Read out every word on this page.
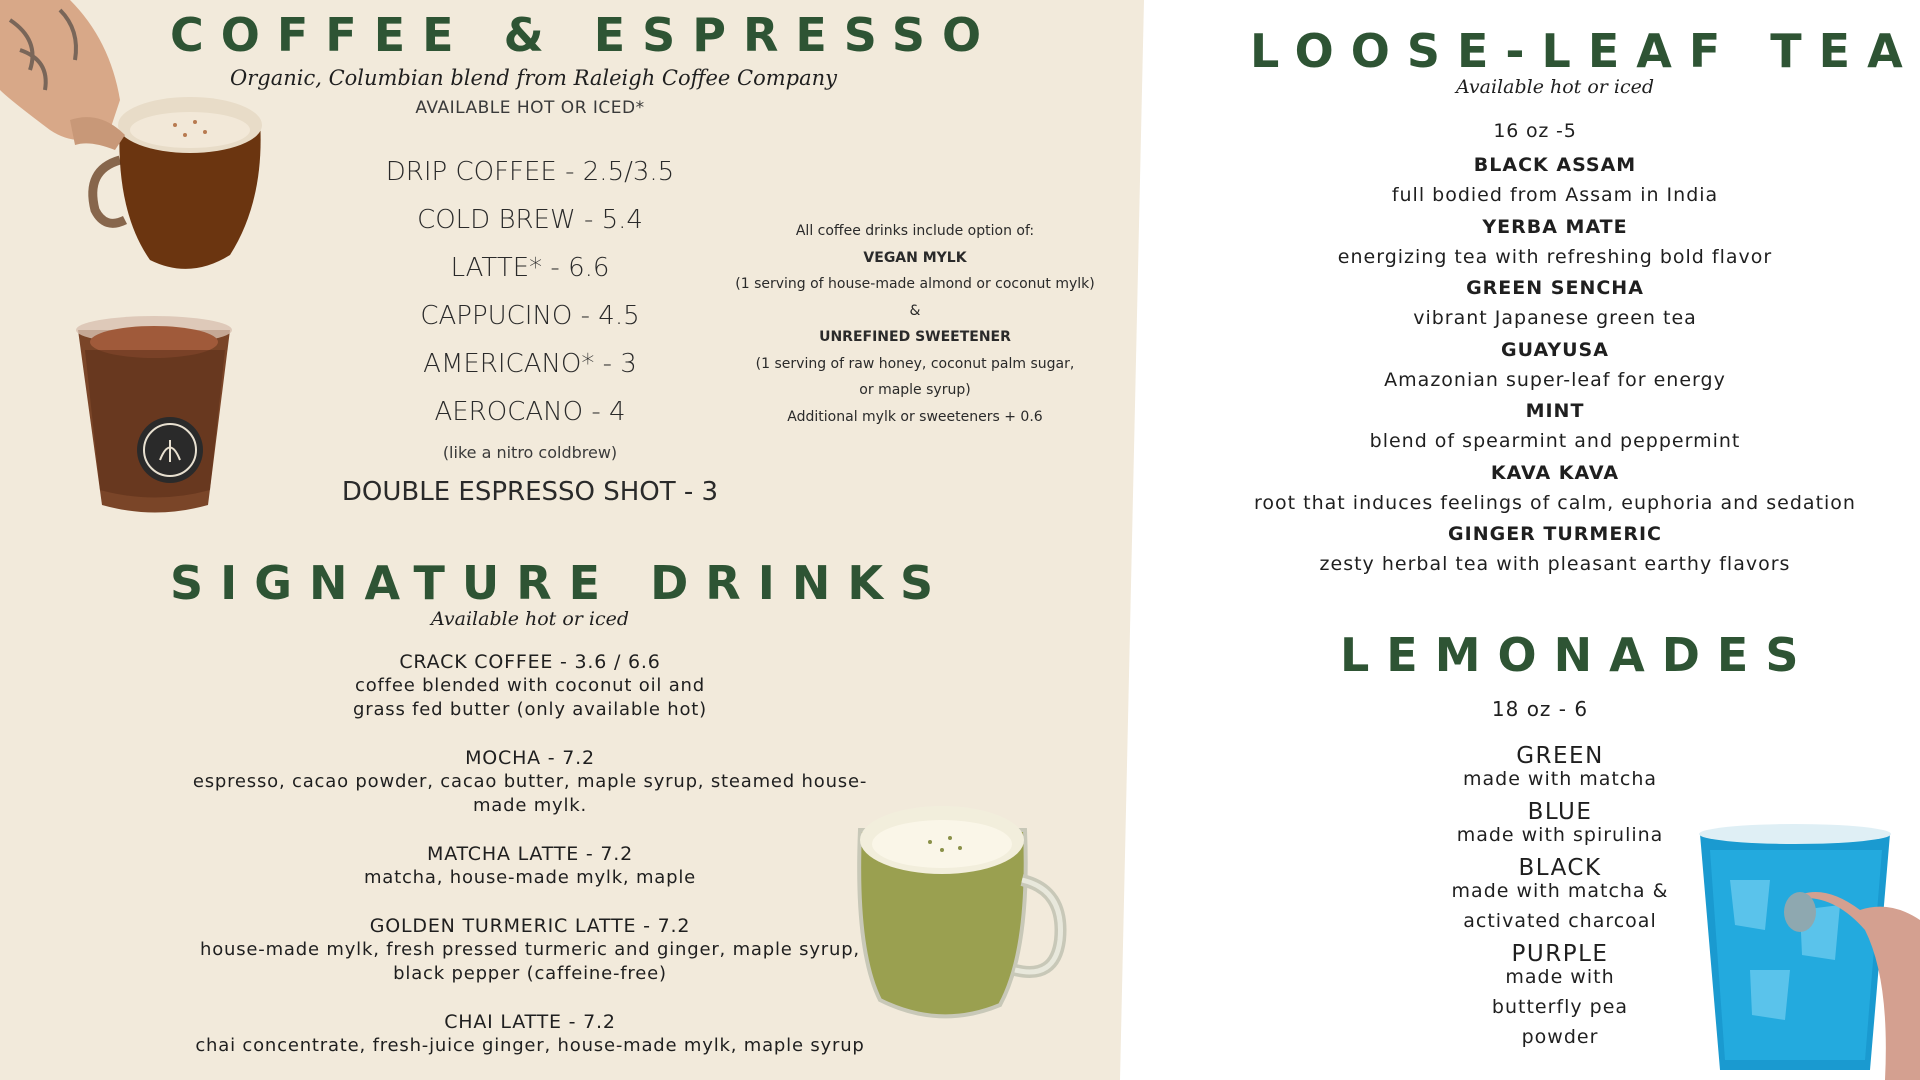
COFFEE & ESPRESSO
Organic, Columbian blend from Raleigh Coffee Company
AVAILABLE HOT OR ICED*
DRIP COFFEE - 2.5/3.5
COLD BREW - 5.4
LATTE* - 6.6
CAPPUCINO - 4.5
AMERICANO* - 3
AEROCANO - 4
(like a nitro coldbrew)
DOUBLE ESPRESSO SHOT - 3
All coffee drinks include option of:
VEGAN MYLK
(1 serving of house-made almond or coconut mylk)
&
UNREFINED SWEETENER
(1 serving of raw honey, coconut palm sugar, or maple syrup)
Additional mylk or sweeteners + 0.6
SIGNATURE DRINKS
Available hot or iced
CRACK COFFEE - 3.6 / 6.6
coffee blended with coconut oil and grass fed butter (only available hot)
MOCHA - 7.2
espresso, cacao powder, cacao butter, maple syrup, steamed house-made mylk.
MATCHA LATTE - 7.2
matcha, house-made mylk, maple
GOLDEN TURMERIC LATTE - 7.2
house-made mylk, fresh pressed turmeric and ginger, maple syrup, black pepper (caffeine-free)
CHAI LATTE - 7.2
chai concentrate, fresh-juice ginger, house-made mylk, maple syrup
LOOSE-LEAF TEA
Available hot or iced
16 oz -5
BLACK ASSAM
full bodied from Assam in India
YERBA MATE
energizing tea with refreshing bold flavor
GREEN SENCHA
vibrant Japanese green tea
GUAYUSA
Amazonian super-leaf for energy
MINT
blend of spearmint and peppermint
KAVA KAVA
root that induces feelings of calm, euphoria and sedation
GINGER TURMERIC
zesty herbal tea with pleasant earthy flavors
LEMONADES
18 oz - 6
GREEN
made with matcha
BLUE
made with spirulina
BLACK
made with matcha & activated charcoal
PURPLE
made with butterfly pea powder
